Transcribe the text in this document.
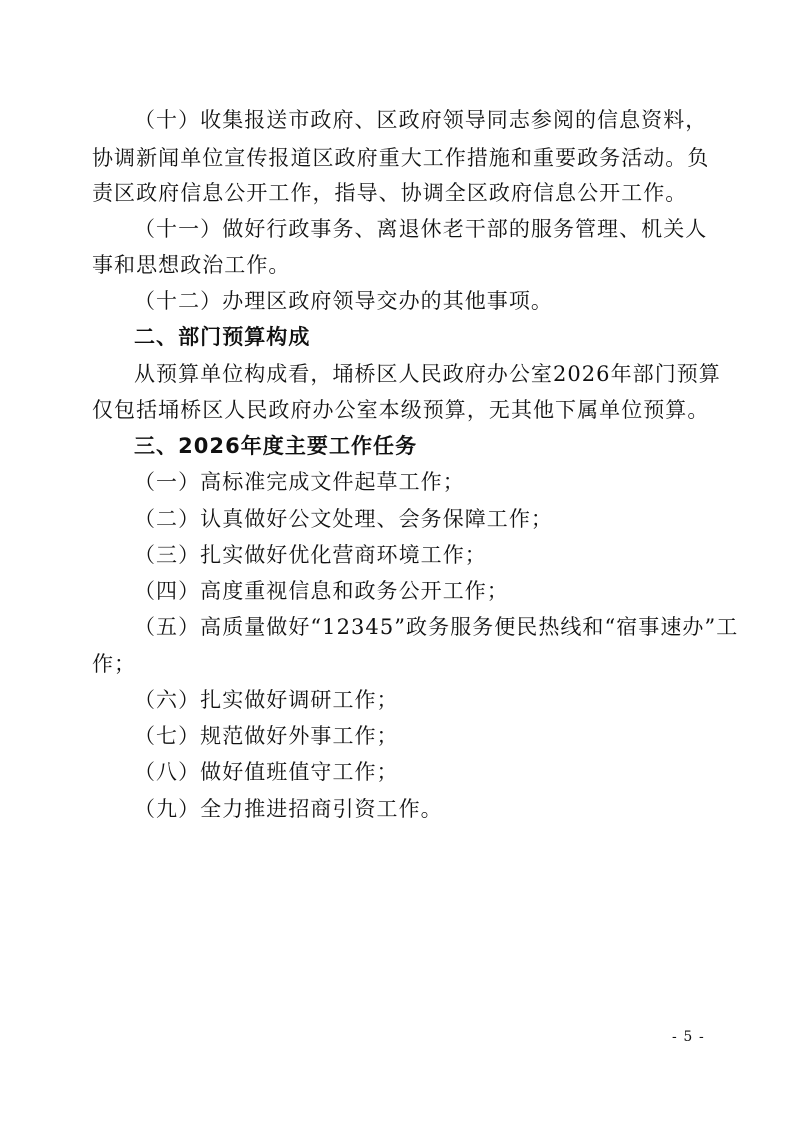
（十）收集报送市政府、区政府领导同志参阅的信息资料，
协调新闻单位宣传报道区政府重大工作措施和重要政务活动。负
责区政府信息公开工作，指导、协调全区政府信息公开工作。
（十一）做好行政事务、离退休老干部的服务管理、机关人
事和思想政治工作。
（十二）办理区政府领导交办的其他事项。
二、部门预算构成
从预算单位构成看，埇桥区人民政府办公室2026年部门预算
仅包括埇桥区人民政府办公室本级预算，无其他下属单位预算。
三、2026年度主要工作任务
（一）高标准完成文件起草工作；
（二）认真做好公文处理、会务保障工作；
（三）扎实做好优化营商环境工作；
（四）高度重视信息和政务公开工作；
（五）高质量做好“12345”政务服务便民热线和“宿事速办”工
作；
（六）扎实做好调研工作；
（七）规范做好外事工作；
（八）做好值班值守工作；
（九）全力推进招商引资工作。
- 5 -
